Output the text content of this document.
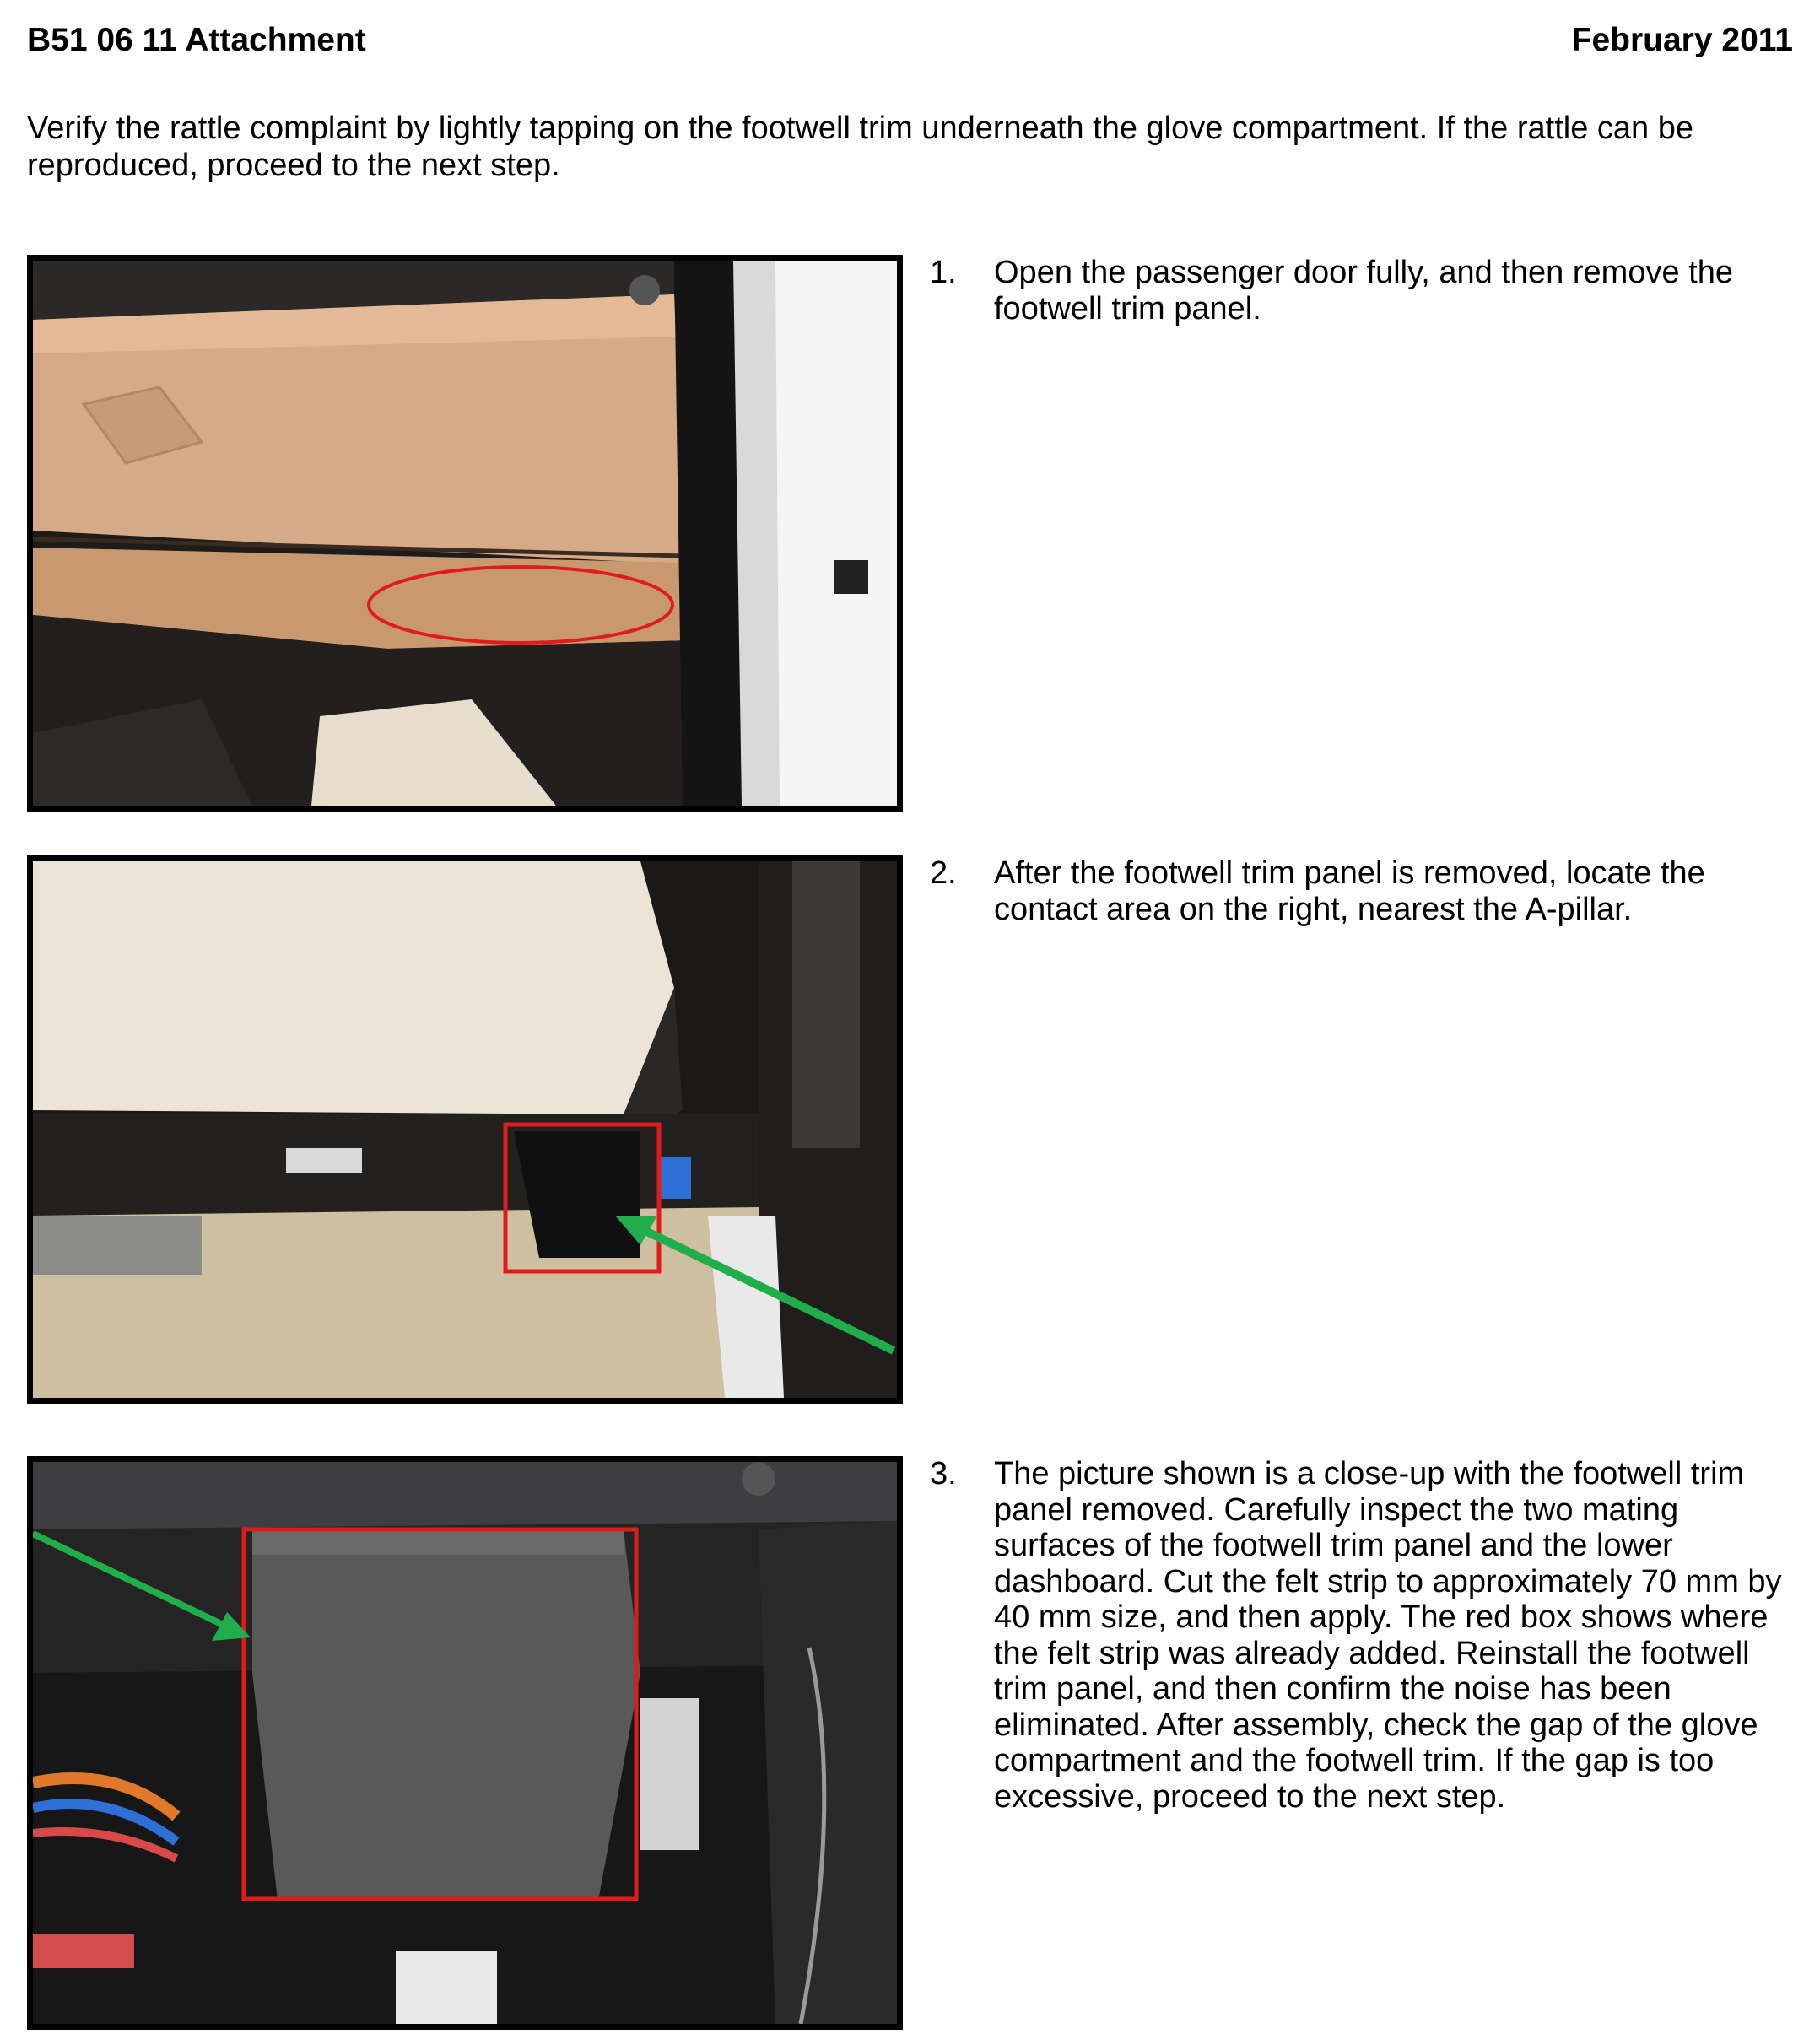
B51 06 11 Attachment	February 2011
Verify the rattle complaint by lightly tapping on the footwell trim underneath the glove compartment. If the rattle can be reproduced, proceed to the next step.
1. Open the passenger door fully, and then remove the footwell trim panel.
2. After the footwell trim panel is removed, locate the contact area on the right, nearest the A-pillar.
3. The picture shown is a close-up with the footwell trim panel removed. Carefully inspect the two mating surfaces of the footwell trim panel and the lower dashboard. Cut the felt strip to approximately 70 mm by 40 mm size, and then apply. The red box shows where the felt strip was already added. Reinstall the footwell trim panel, and then confirm the noise has been eliminated. After assembly, check the gap of the glove compartment and the footwell trim. If the gap is too excessive, proceed to the next step.
